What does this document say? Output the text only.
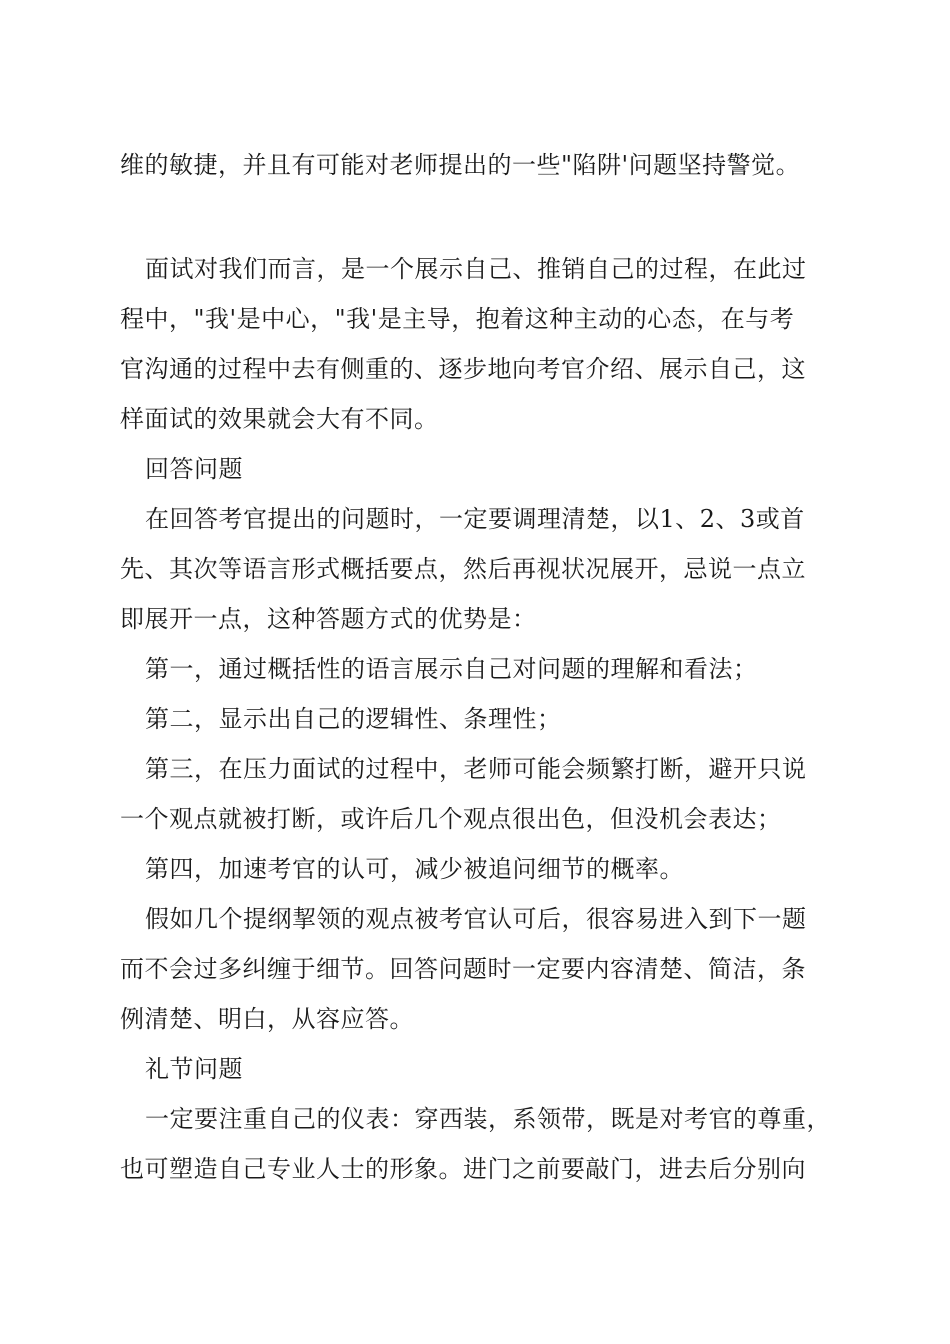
维的敏捷，并且有可能对老师提出的一些"陷阱'问题坚持警觉。
面试对我们而言，是一个展示自己、推销自己的过程，在此过
程中，"我'是中心，"我'是主导，抱着这种主动的心态，在与考
官沟通的过程中去有侧重的、逐步地向考官介绍、展示自己，这
样面试的效果就会大有不同。
回答问题
在回答考官提出的问题时，一定要调理清楚，以1、2、3或首
先、其次等语言形式概括要点，然后再视状况展开，忌说一点立
即展开一点，这种答题方式的优势是：
第一，通过概括性的语言展示自己对问题的理解和看法；
第二，显示出自己的逻辑性、条理性；
第三，在压力面试的过程中，老师可能会频繁打断，避开只说
一个观点就被打断，或许后几个观点很出色，但没机会表达；
第四，加速考官的认可，减少被追问细节的概率。
假如几个提纲挈领的观点被考官认可后，很容易进入到下一题
而不会过多纠缠于细节。回答问题时一定要内容清楚、简洁，条
例清楚、明白，从容应答。
礼节问题
一定要注重自己的仪表：穿西装，系领带，既是对考官的尊重，
也可塑造自己专业人士的形象。进门之前要敲门，进去后分别向
